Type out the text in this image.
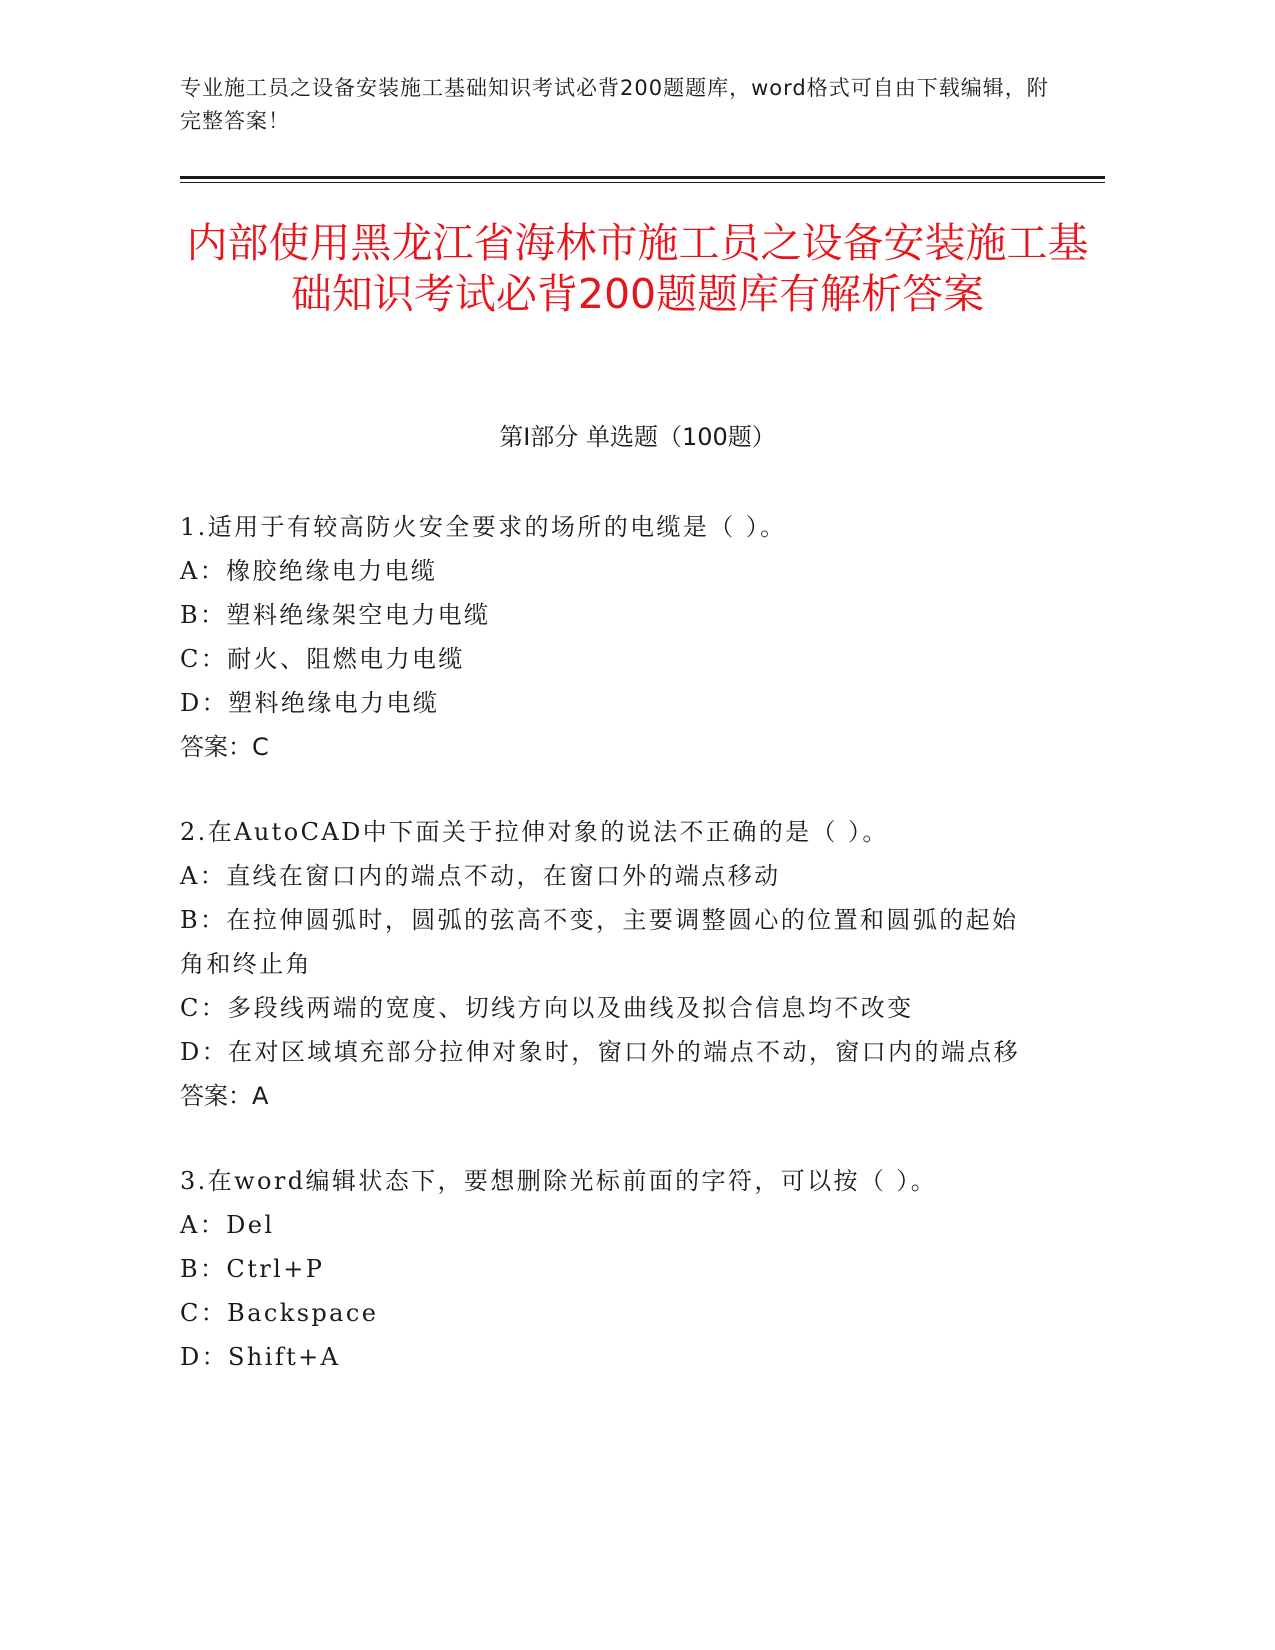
专业施工员之设备安装施工基础知识考试必背200题题库，word格式可自由下载编辑，附完整答案！
内部使用黑龙江省海林市施工员之设备安装施工基础知识考试必背200题题库有解析答案
第Ⅰ部分 单选题（100题）

1.适用于有较高防火安全要求的场所的电缆是（ ）。

A：橡胶绝缘电力电缆

B：塑料绝缘架空电力电缆

C：耐火、阻燃电力电缆

D：塑料绝缘电力电缆

答案：C

2.在AutoCAD中下面关于拉伸对象的说法不正确的是（ ）。

A：直线在窗口内的端点不动，在窗口外的端点移动

B：在拉伸圆弧时，圆弧的弦高不变，主要调整圆心的位置和圆弧的起始角和终止角

C：多段线两端的宽度、切线方向以及曲线及拟合信息均不改变

D：在对区域填充部分拉伸对象时，窗口外的端点不动，窗口内的端点移

答案：A

3.在word编辑状态下，要想删除光标前面的字符，可以按（ ）。

A：Del

B：Ctrl+P

C：Backspace

D：Shift+A
